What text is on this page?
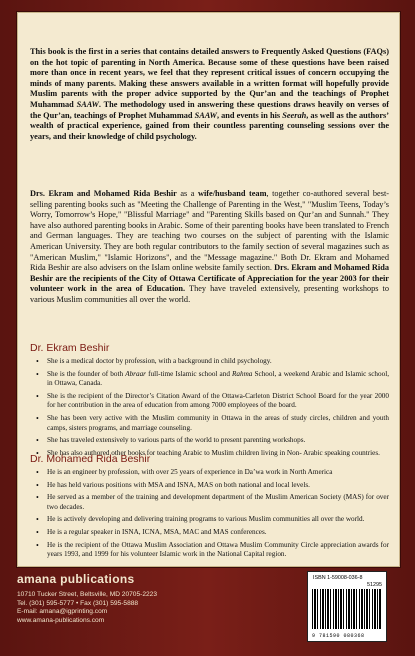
This book is the first in a series that contains detailed answers to Frequently Asked Questions (FAQs) on the hot topic of parenting in North America. Because some of these questions have been raised more than once in recent years, we feel that they represent critical issues of concern occupying the minds of many parents. Making these answers available in a written format will hopefully provide Muslim parents with the proper advice supported by the Qur’an and the teachings of Prophet Muhammad SAAW. The methodology used in answering these questions draws heavily on verses of the Qur’an, teachings of Prophet Muhammad SAAW, and events in his Seerah, as well as the authors’ wealth of practical experience, gained from their countless parenting counseling sessions over the years, and their knowledge of child psychology.

Drs. Ekram and Mohamed Rida Beshir as a wife/husband team, together co-authored several best-selling parenting books such as "Meeting the Challenge of Parenting in the West," "Muslim Teens, Today’s Worry, Tomorrow’s Hope," "Blissful Marriage" and "Parenting Skills based on Qur’an and Sunnah." They have also authored parenting books in Arabic. Some of their parenting books have been translated to French and German languages. They are teaching two courses on the subject of parenting with the Islamic American University. They are both regular contributors to the family section of several magazines such as "American Muslim," "Islamic Horizons", and the "Message magazine." Both Dr. Ekram and Mohamed Rida Beshir are also advisers on the Islam online website family section. Drs. Ekram and Mohamed Rida Beshir are the recipients of the City of Ottawa Certificate of Appreciation for the year 2003 for their volunteer work in the area of Education. They have traveled extensively, presenting workshops to various Muslim communities all over the world.

Dr. Ekram Beshir
• She is a medical doctor by profession, with a background in child psychology.
• She is the founder of both Abraar full-time Islamic school and Rahma School, a weekend Arabic and Islamic school, in Ottawa, Canada.
• She is the recipient of the Director’s Citation Award of the Ottawa-Carleton District School Board for the year 2000 for her contribution in the area of education from among 7000 employees of the board.
• She has been very active with the Muslim community in Ottawa in the areas of study circles, children and youth camps, sisters programs, and marriage counseling.
• She has traveled extensively to various parts of the world to present parenting workshops.
• She has also authored other books for teaching Arabic to Muslim children living in Non- Arabic speaking countries.
Dr. Mohamed Rida Beshir
• He is an engineer by profession, with over 25 years of experience in Da’wa work in North America
• He has held various positions with MSA and ISNA, MAS on both national and local levels.
• He served as a member of the training and development department of the Muslim American Society (MAS) for over two decades.
• He is actively developing and delivering training programs to various Muslim communities all over the world.
• He is a regular speaker in ISNA, ICNA, MSA, MAC and MAS conferences.
• He is the recipient of the Ottawa Muslim Association and Ottawa Muslim Community Circle appreciation awards for years 1993, and 1999 for his volunteer Islamic work in the National Capital region.
amana publications
10710 Tucker Street, Beltsville, MD 20705-2223
Tel. (301) 595-5777 • Fax (301) 595-5888
E-mail: amana@igprinting.com
www.amana-publications.com
ISBN 1-59008-036-8
51295
9 781590 080368
